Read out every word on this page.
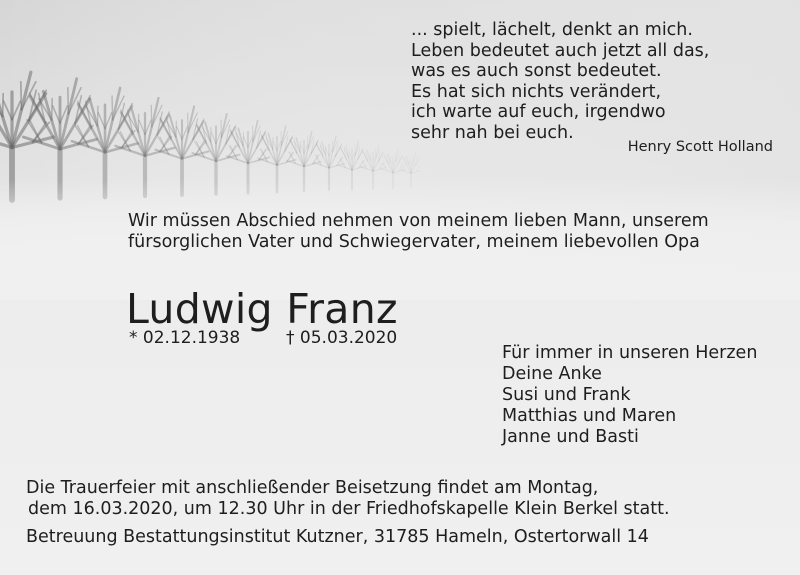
... spielt, lächelt, denkt an mich.
Leben bedeutet auch jetzt all das,
was es auch sonst bedeutet.
Es hat sich nichts verändert,
ich warte auf euch, irgendwo
sehr nah bei euch.
Henry Scott Holland
Wir müssen Abschied nehmen von meinem lieben Mann, unserem
fürsorglichen Vater und Schwiegervater, meinem liebevollen Opa
Ludwig Franz
* 02.12.1938	† 05.03.2020
Für immer in unseren Herzen
Deine Anke
Susi und Frank
Matthias und Maren
Janne und Basti
Die Trauerfeier mit anschließender Beisetzung findet am Montag,
dem 16.03.2020, um 12.30 Uhr in der Friedhofskapelle Klein Berkel statt.
Betreuung Bestattungsinstitut Kutzner, 31785 Hameln, Ostertorwall 14
